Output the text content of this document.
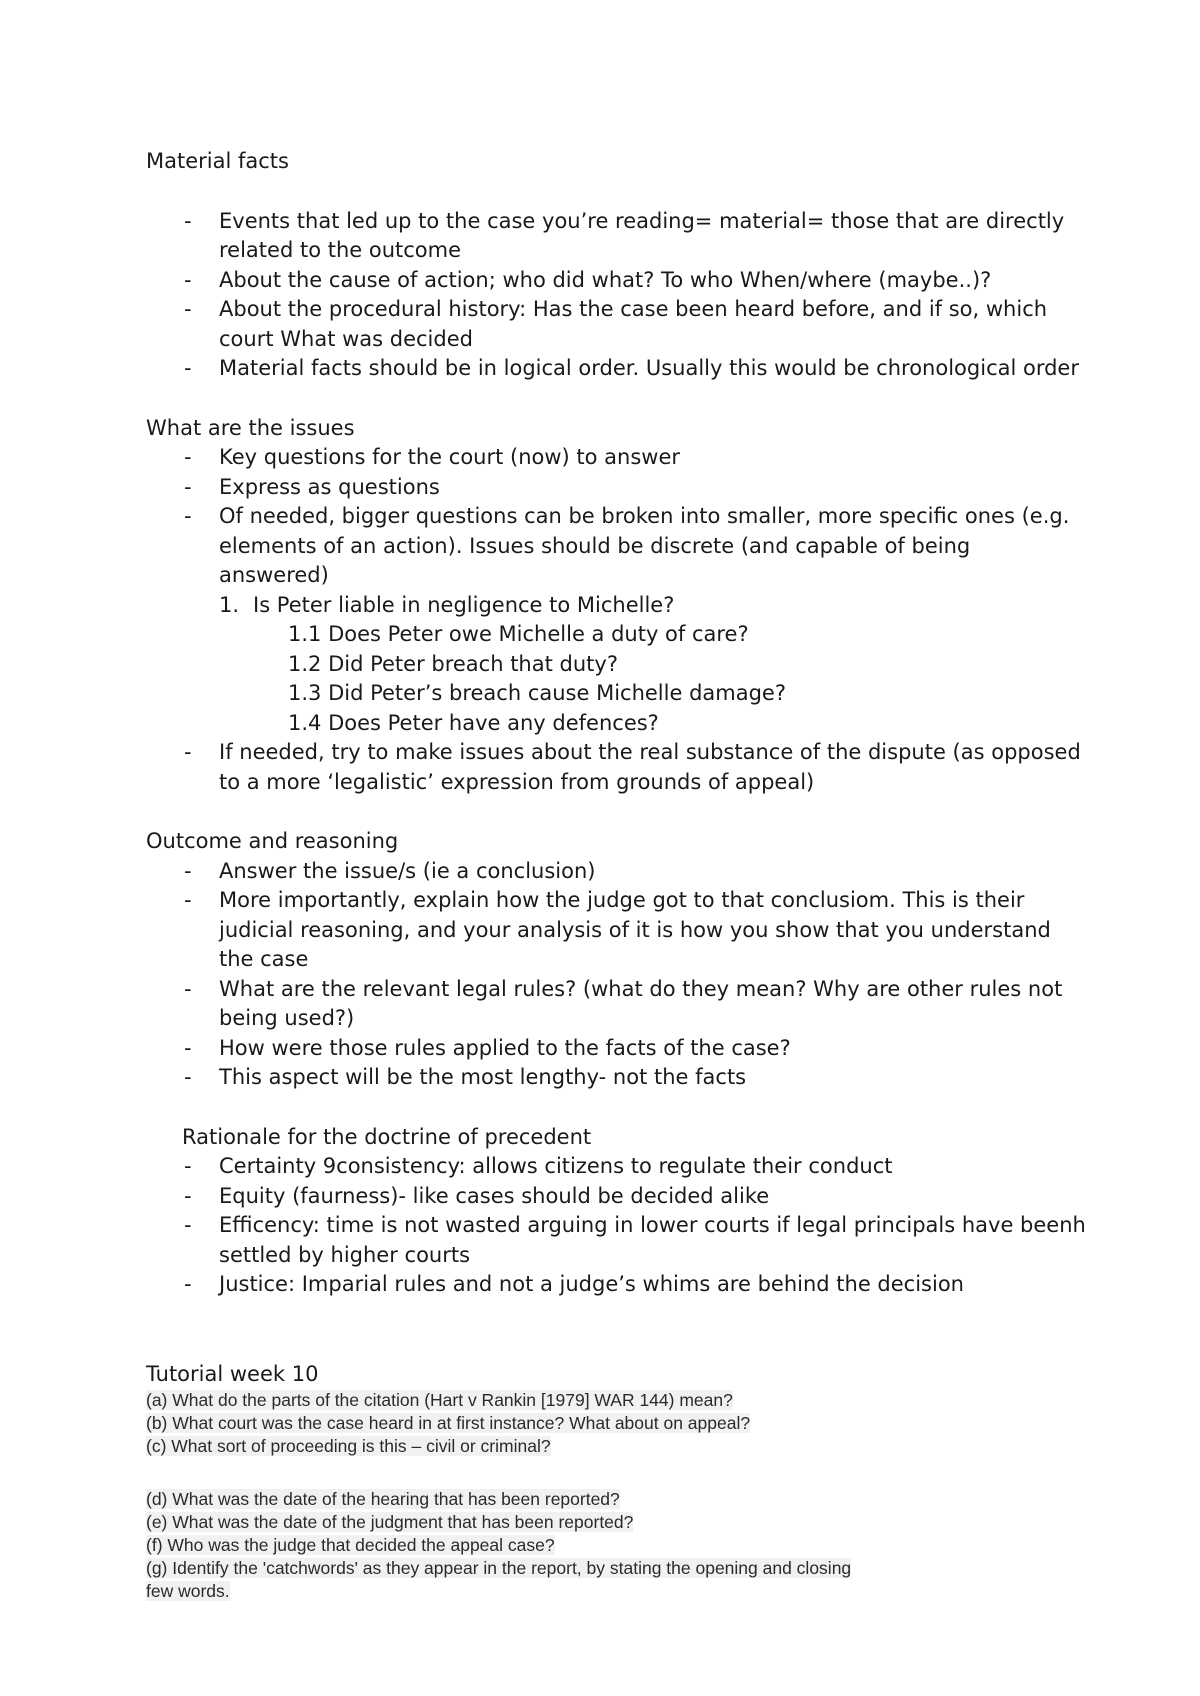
Material facts

- Events that led up to the case you’re reading= material= those that are directly related to the outcome
- About the cause of action; who did what? To who When/where (maybe..)?
- About the procedural history: Has the case been heard before, and if so, which court What was decided
- Material facts should be in logical order. Usually this would be chronological order

What are the issues

- Key questions for the court (now) to answer
- Express as questions
- Of needed, bigger questions can be broken into smaller, more specific ones (e.g. elements of an action). Issues should be discrete (and capable of being answered)
1. Is Peter liable in negligence to Michelle?

1.1 Does Peter owe Michelle a duty of care?

1.2 Did Peter breach that duty?

1.3 Did Peter’s breach cause Michelle damage?

1.4 Does Peter have any defences?

- If needed, try to make issues about the real substance of the dispute (as opposed to a more ‘legalistic’ expression from grounds of appeal)

Outcome and reasoning

- Answer the issue/s (ie a conclusion)
- More importantly, explain how the judge got to that conclusiom. This is their judicial reasoning, and your analysis of it is how you show that you understand the case
- What are the relevant legal rules? (what do they mean? Why are other rules not being used?)
- How were those rules applied to the facts of the case?
- This aspect will be the most lengthy- not the facts

Rationale for the doctrine of precedent

- Certainty 9consistency: allows citizens to regulate their conduct
- Equity (faurness)- like cases should be decided alike
- Efficency: time is not wasted arguing in lower courts if legal principals have beenh settled by higher courts
- Justice: Imparial rules and not a judge’s whims are behind the decision

Tutorial week 10

(a) What do the parts of the citation (Hart v Rankin [1979] WAR 144) mean?
(b) What court was the case heard in at first instance? What about on appeal?
(c) What sort of proceeding is this – civil or criminal?
(d) What was the date of the hearing that has been reported?
(e) What was the date of the judgment that has been reported?
(f) Who was the judge that decided the appeal case?
(g) Identify the 'catchwords' as they appear in the report, by stating the opening and closing
few words.
